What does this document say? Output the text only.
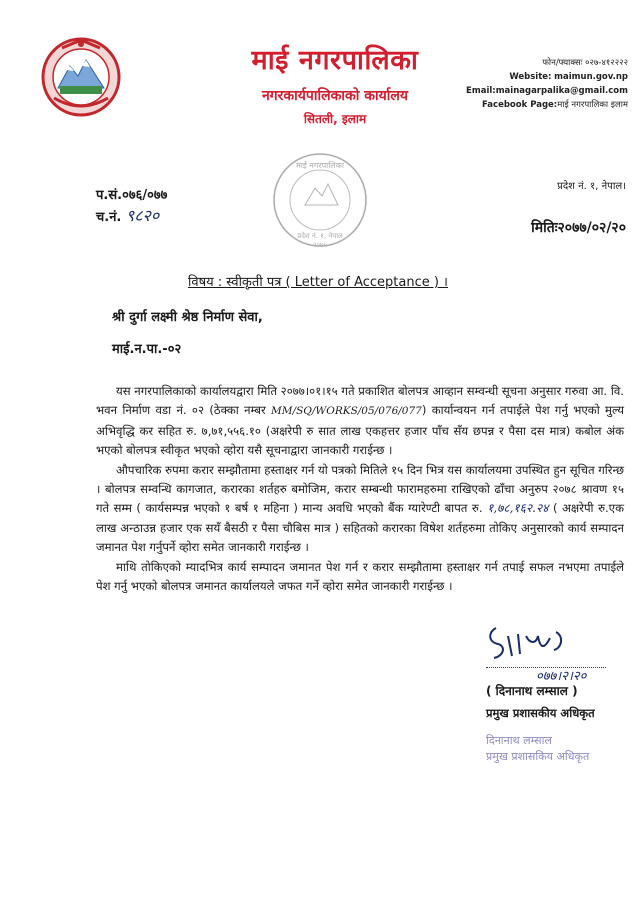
माई नगरपालिका
नगरकार्यपालिकाको कार्यालय
सितली, इलाम
फोन/फ्याक्सः ०२७-४१२२२२
Website: maimun.gov.np
Email:mainagarpalika@gmail.com
Facebook Page:माई नगरपालिका इलाम
माई नगरपालिका
प्रदेश नं. १, नेपाल
२०७५
प्रदेश नं. १, नेपाल।
प.सं.०७६/०७७
च.नं. ९८२०
मितिः२०७७/०२/२०
विषय : स्वीकृती पत्र ( Letter of Acceptance ) ।
श्री दुर्गा लक्ष्मी श्रेष्ठ निर्माण सेवा,
माई.न.पा.-०२

यस नगरपालिकाको कार्यालयद्वारा मिति २०७७।०१।१५ गते प्रकाशित बोलपत्र आव्हान सम्वन्धी सूचना अनुसार गरुवा आ. वि. भवन निर्माण वडा नं. ०२ (ठेक्का नम्बर MM/SQ/WORKS/05/076/077) कार्यान्वयन गर्न तपाईले पेश गर्नु भएको मुल्य अभिवृद्धि कर सहित रु. ७,७१,५५६.१० (अक्षरेपी रु सात लाख एकहत्तर हजार पाँच सँय छपन्न र पैसा दस मात्र) कबोल अंक भएको बोलपत्र स्वीकृत भएको व्होरा यसै सूचनाद्वारा जानकारी गराईन्छ ।

औपचारिक रुपमा करार सम्झौतामा हस्ताक्षर गर्न यो पत्रको मितिले १५ दिन भित्र यस कार्यालयमा उपस्थित हुन सूचित गरिन्छ । बोलपत्र सम्वन्धि कागजात, करारका शर्तहरु बमोजिम, करार सम्बन्धी फारामहरुमा राखिएको ढाँचा अनुरुप २०७८ श्रावण १५ गते सम्म ( कार्यसम्पन्न भएको १ बर्ष १ महिना ) मान्य अवधि भएको बैंक ग्यारेण्टी बापत रु. १,७८,१६२.२४ ( अक्षरेपी रु.एक लाख अन्ठाउन्न हजार एक सयँ बैसठी र पैसा चौबिस मात्र ) सहितको करारका विषेश शर्तहरुमा तोकिए अनुसारको कार्य सम्पादन जमानत पेश गर्नुपर्ने व्होरा समेत जानकारी गराईन्छ ।

माथि तोकिएको म्यादभित्र कार्य सम्पादन जमानत पेश गर्न र करार सम्झौतामा हस्ताक्षर गर्न तपाई सफल नभएमा तपाईले पेश गर्नु भएको बोलपत्र जमानत कार्यालयले जफत गर्ने व्होरा समेत जानकारी गराईन्छ ।

०७७।२।२०
( दिनानाथ लम्साल )
प्रमुख प्रशासकीय अधिकृत
दिनानाथ लम्साल
प्रमुख प्रशासकिय अधिकृत
